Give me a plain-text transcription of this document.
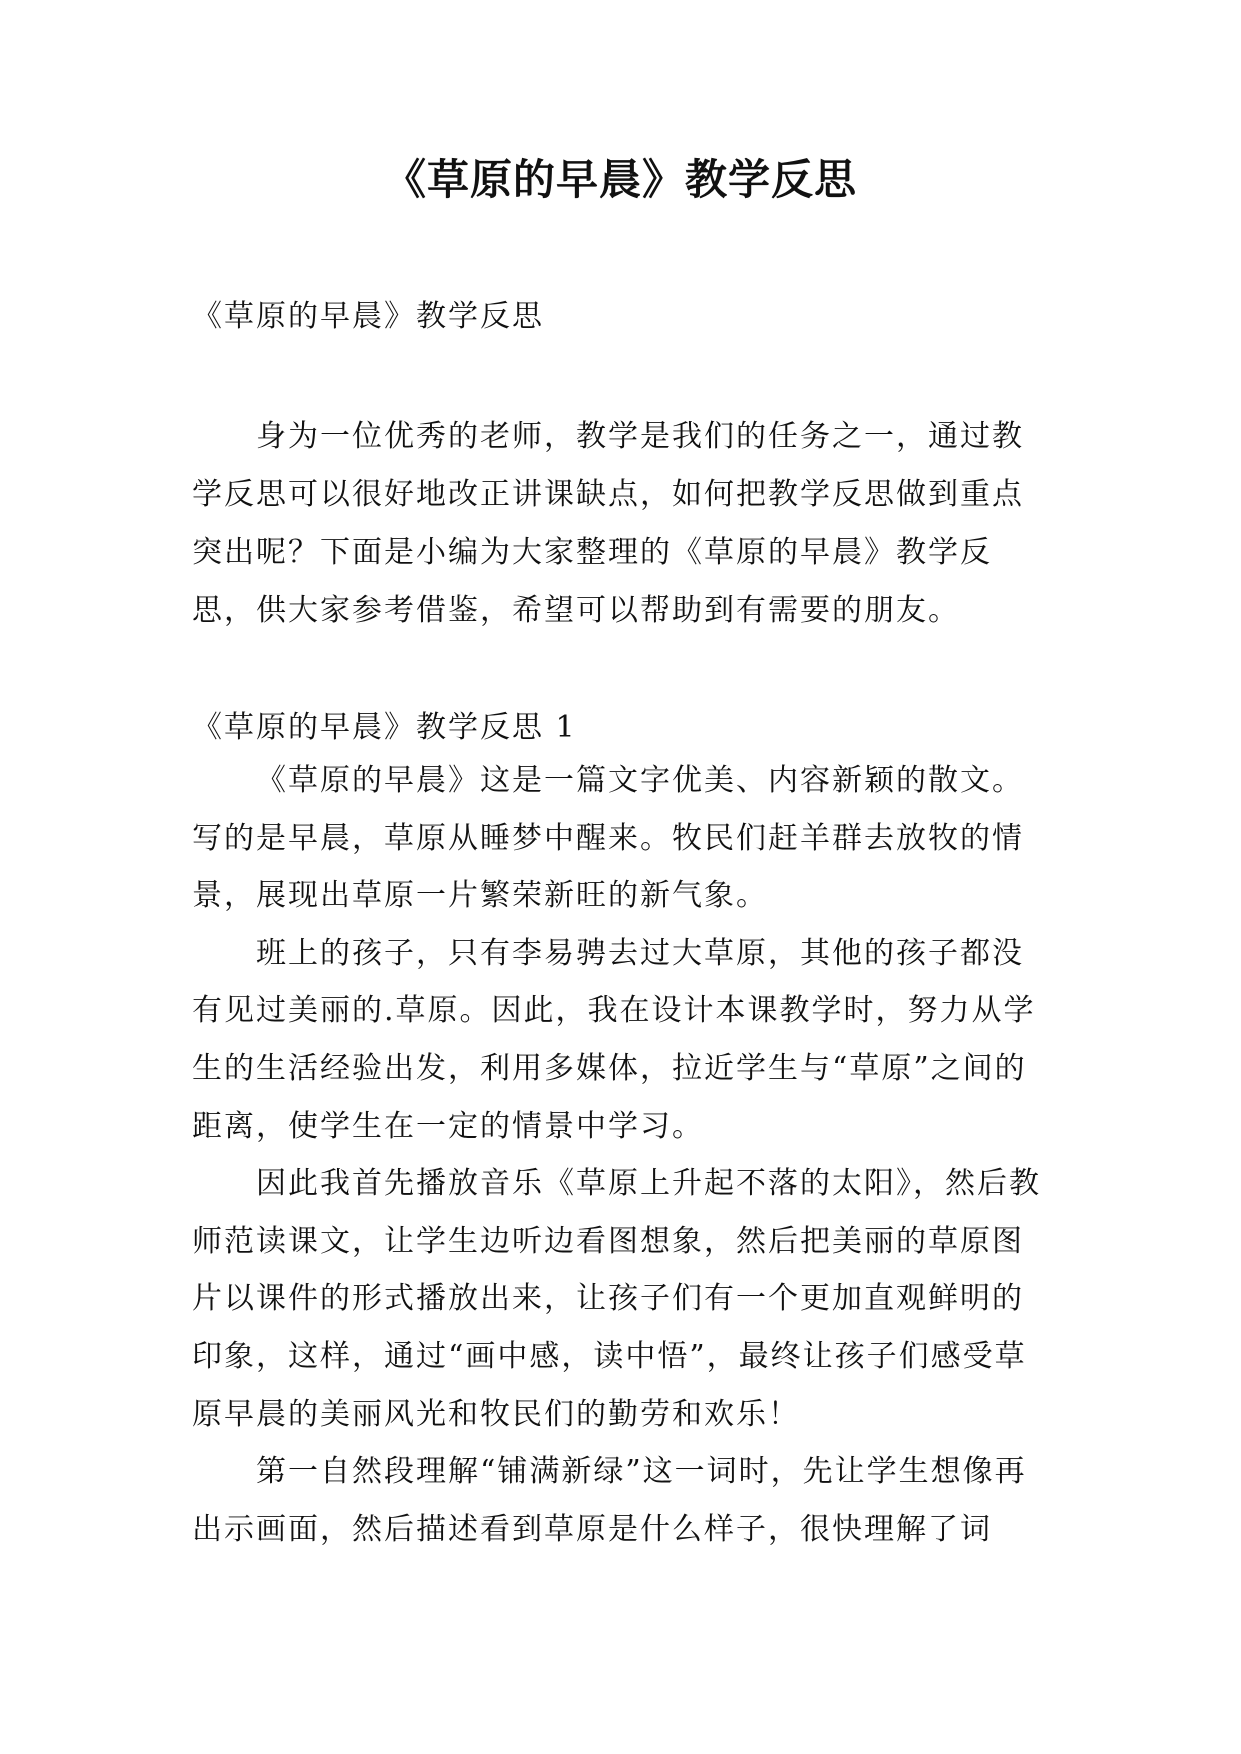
《草原的早晨》教学反思

《草原的早晨》教学反思

身为一位优秀的老师，教学是我们的任务之一，通过教学反思可以很好地改正讲课缺点，如何把教学反思做到重点突出呢？下面是小编为大家整理的《草原的早晨》教学反思，供大家参考借鉴，希望可以帮助到有需要的朋友。

《草原的早晨》教学反思 1

《草原的早晨》这是一篇文字优美、内容新颖的散文。写的是早晨，草原从睡梦中醒来。牧民们赶羊群去放牧的情景，展现出草原一片繁荣新旺的新气象。

班上的孩子，只有李易骋去过大草原，其他的孩子都没有见过美丽的.草原。因此，我在设计本课教学时，努力从学生的生活经验出发，利用多媒体，拉近学生与“草原”之间的距离，使学生在一定的情景中学习。

因此我首先播放音乐《草原上升起不落的太阳》，然后教师范读课文，让学生边听边看图想象，然后把美丽的草原图片以课件的形式播放出来，让孩子们有一个更加直观鲜明的印象，这样，通过“画中感，读中悟”，最终让孩子们感受草原早晨的美丽风光和牧民们的勤劳和欢乐！

第一自然段理解“铺满新绿”这一词时，先让学生想像再出示画面，然后描述看到草原是什么样子，很快理解了词
